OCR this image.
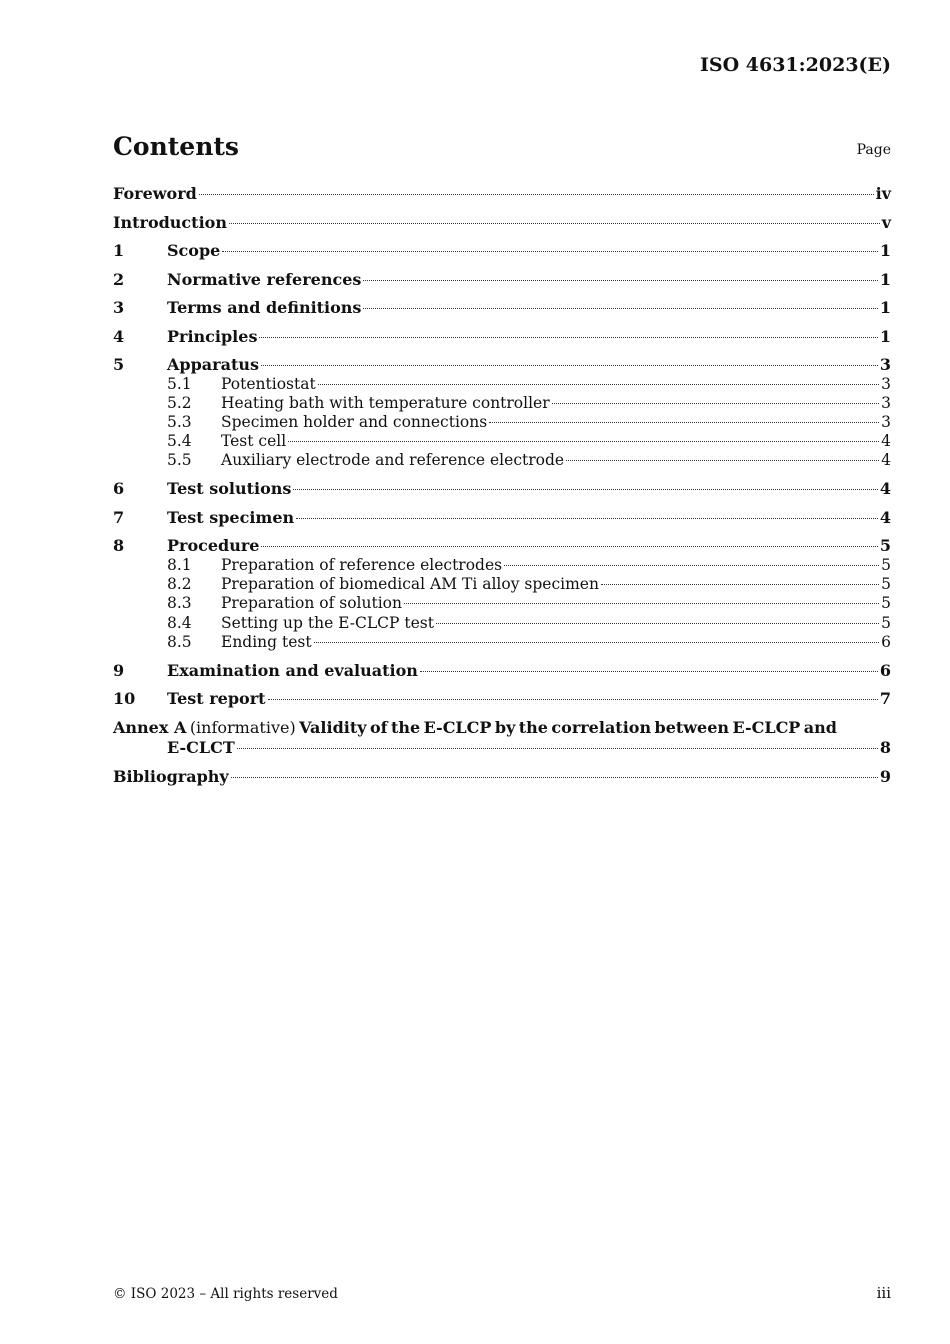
ISO 4631:2023(E)
Contents	Page
Foreword	iv
Introduction	v
1	Scope	1
2	Normative references	1
3	Terms and definitions	1
4	Principles	1
5	Apparatus	3
5.1	Potentiostat	3
5.2	Heating bath with temperature controller	3
5.3	Specimen holder and connections	3
5.4	Test cell	4
5.5	Auxiliary electrode and reference electrode	4
6	Test solutions	4
7	Test specimen	4
8	Procedure	5
8.1	Preparation of reference electrodes	5
8.2	Preparation of biomedical AM Ti alloy specimen	5
8.3	Preparation of solution	5
8.4	Setting up the E-CLCP test	5
8.5	Ending test	6
9	Examination and evaluation	6
10	Test report	7
Annex A (informative) Validity of the E-CLCP by the correlation between E-CLCP and
E-CLCT	8
Bibliography	9
© ISO 2023 – All rights reserved	iii
